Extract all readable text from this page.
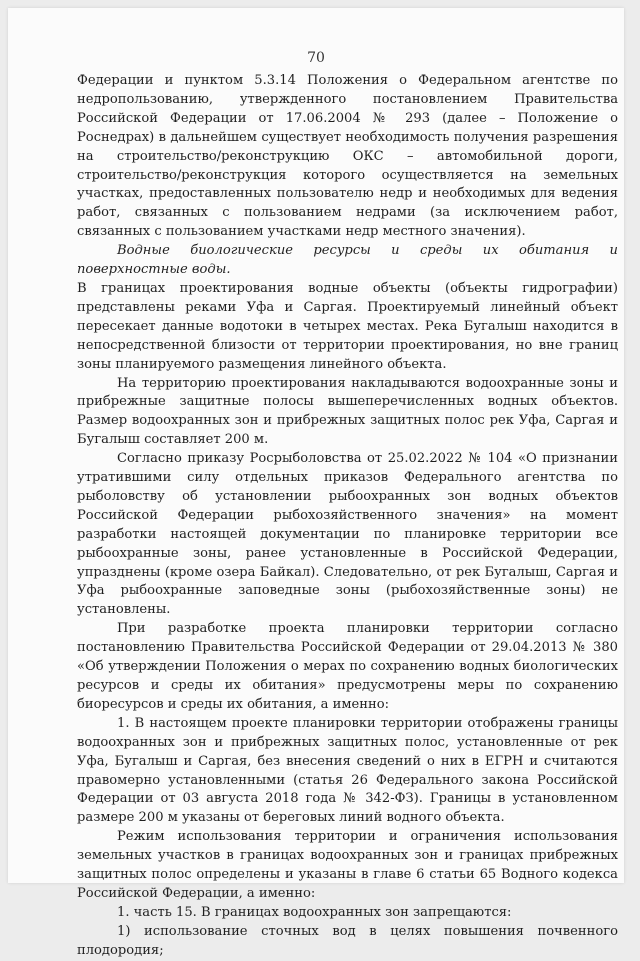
70

Федерации и пунктом 5.3.14 Положения о Федеральном агентстве по недропользованию, утвержденного постановлением Правительства Российской Федерации от 17.06.2004 № 293 (далее – Положение о Роснедрах) в дальнейшем существует необходимость получения разрешения на строительство/реконструкцию ОКС – автомобильной дороги, строительство/реконструкция которого осуществляется на земельных участках, предоставленных пользователю недр и необходимых для ведения работ, связанных с пользованием недрами (за исключением работ, связанных с пользованием участками недр местного значения).

Водные биологические ресурсы и среды их обитания и поверхностные воды.

В границах проектирования водные объекты (объекты гидрографии) представлены реками Уфа и Саргая. Проектируемый линейный объект пересекает данные водотоки в четырех местах. Река Бугалыш находится в непосредственной близости от территории проектирования, но вне границ зоны планируемого размещения линейного объекта.

На территорию проектирования накладываются водоохранные зоны и прибрежные защитные полосы вышеперечисленных водных объектов. Размер водоохранных зон и прибрежных защитных полос рек Уфа, Саргая и Бугалыш составляет 200 м.

Согласно приказу Росрыболовства от 25.02.2022 № 104 «О признании утратившими силу отдельных приказов Федерального агентства по рыболовству об установлении рыбоохранных зон водных объектов Российской Федерации рыбохозяйственного значения» на момент разработки настоящей документации по планировке территории все рыбоохранные зоны, ранее установленные в Российской Федерации, упразднены (кроме озера Байкал). Следовательно, от рек Бугалыш, Саргая и Уфа рыбоохранные заповедные зоны (рыбохозяйственные зоны) не установлены.

При разработке проекта планировки территории согласно постановлению Правительства Российской Федерации от 29.04.2013 № 380 «Об утверждении Положения о мерах по сохранению водных биологических ресурсов и среды их обитания» предусмотрены меры по сохранению биоресурсов и среды их обитания, а именно:

1. В настоящем проекте планировки территории отображены границы водоохранных зон и прибрежных защитных полос, установленные от рек Уфа, Бугалыш и Саргая, без внесения сведений о них в ЕГРН и считаются правомерно установленными (статья 26 Федерального закона Российской Федерации от 03 августа 2018 года № 342-ФЗ). Границы в установленном размере 200 м указаны от береговых линий водного объекта.

Режим использования территории и ограничения использования земельных участков в границах водоохранных зон и границах прибрежных защитных полос определены и указаны в главе 6 статьи 65 Водного кодекса Российской Федерации, а именно:

1. часть 15. В границах водоохранных зон запрещаются:

1) использование сточных вод в целях повышения почвенного плодородия;
